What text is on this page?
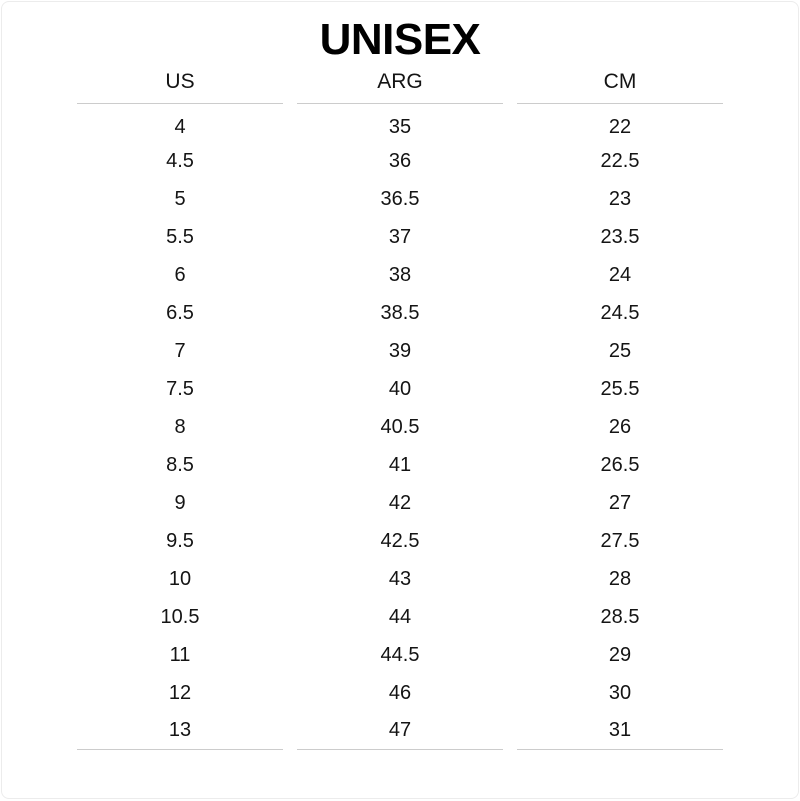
UNISEX
US	ARG	CM
4	35	22
4.5	36	22.5
5	36.5	23
5.5	37	23.5
6	38	24
6.5	38.5	24.5
7	39	25
7.5	40	25.5
8	40.5	26
8.5	41	26.5
9	42	27
9.5	42.5	27.5
10	43	28
10.5	44	28.5
11	44.5	29
12	46	30
13	47	31
